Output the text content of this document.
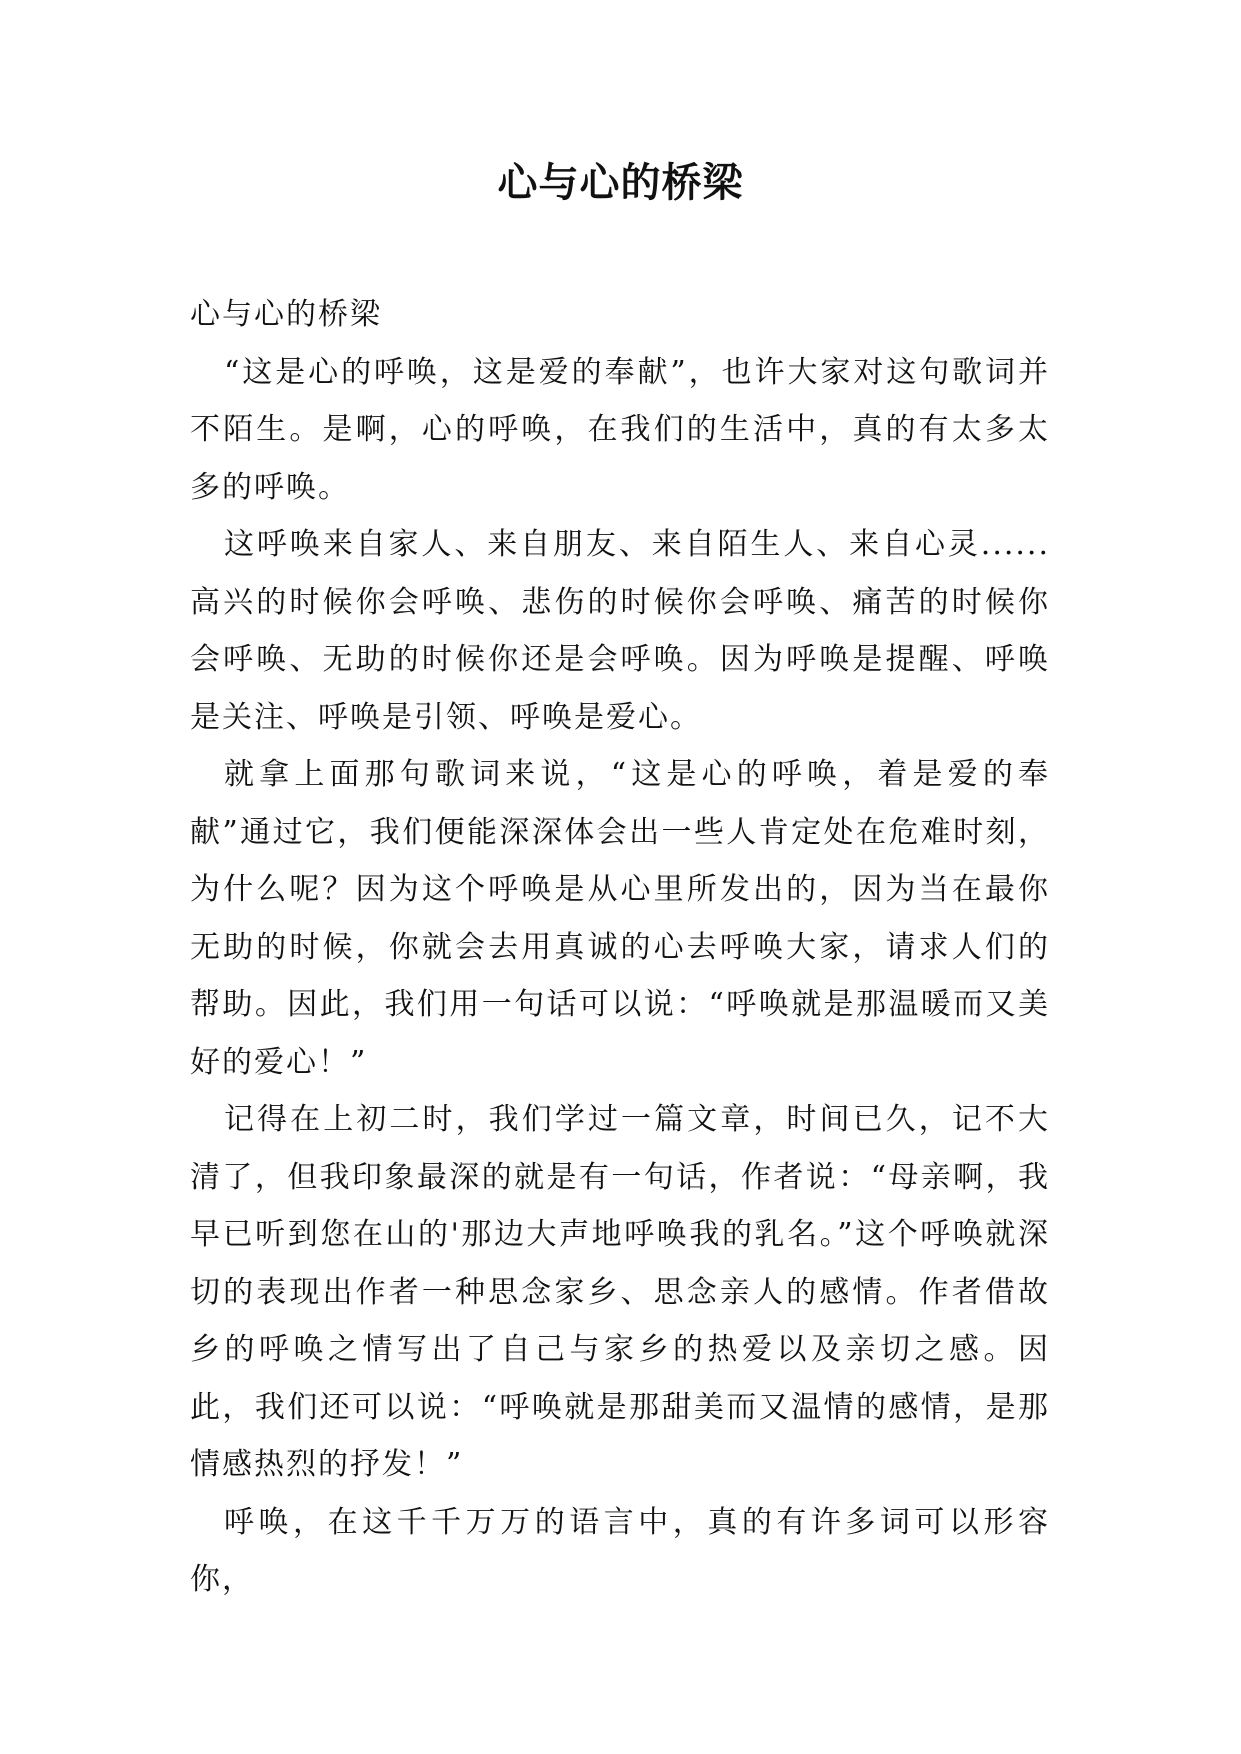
心与心的桥梁

心与心的桥梁

“这是心的呼唤，这是爱的奉献”，也许大家对这句歌词并不陌生。是啊，心的呼唤，在我们的生活中，真的有太多太多的呼唤。

这呼唤来自家人、来自朋友、来自陌生人、来自心灵......高兴的时候你会呼唤、悲伤的时候你会呼唤、痛苦的时候你会呼唤、无助的时候你还是会呼唤。因为呼唤是提醒、呼唤是关注、呼唤是引领、呼唤是爱心。

就拿上面那句歌词来说，“这是心的呼唤，着是爱的奉献”通过它，我们便能深深体会出一些人肯定处在危难时刻，为什么呢？因为这个呼唤是从心里所发出的，因为当在最你无助的时候，你就会去用真诚的心去呼唤大家，请求人们的帮助。因此，我们用一句话可以说：“呼唤就是那温暖而又美好的爱心！”

记得在上初二时，我们学过一篇文章，时间已久，记不大清了，但我印象最深的就是有一句话，作者说：“母亲啊，我早已听到您在山的'那边大声地呼唤我的乳名。”这个呼唤就深切的表现出作者一种思念家乡、思念亲人的感情。作者借故乡的呼唤之情写出了自己与家乡的热爱以及亲切之感。因此，我们还可以说：“呼唤就是那甜美而又温情的感情，是那情感热烈的抒发！”

呼唤，在这千千万万的语言中，真的有许多词可以形容你，
